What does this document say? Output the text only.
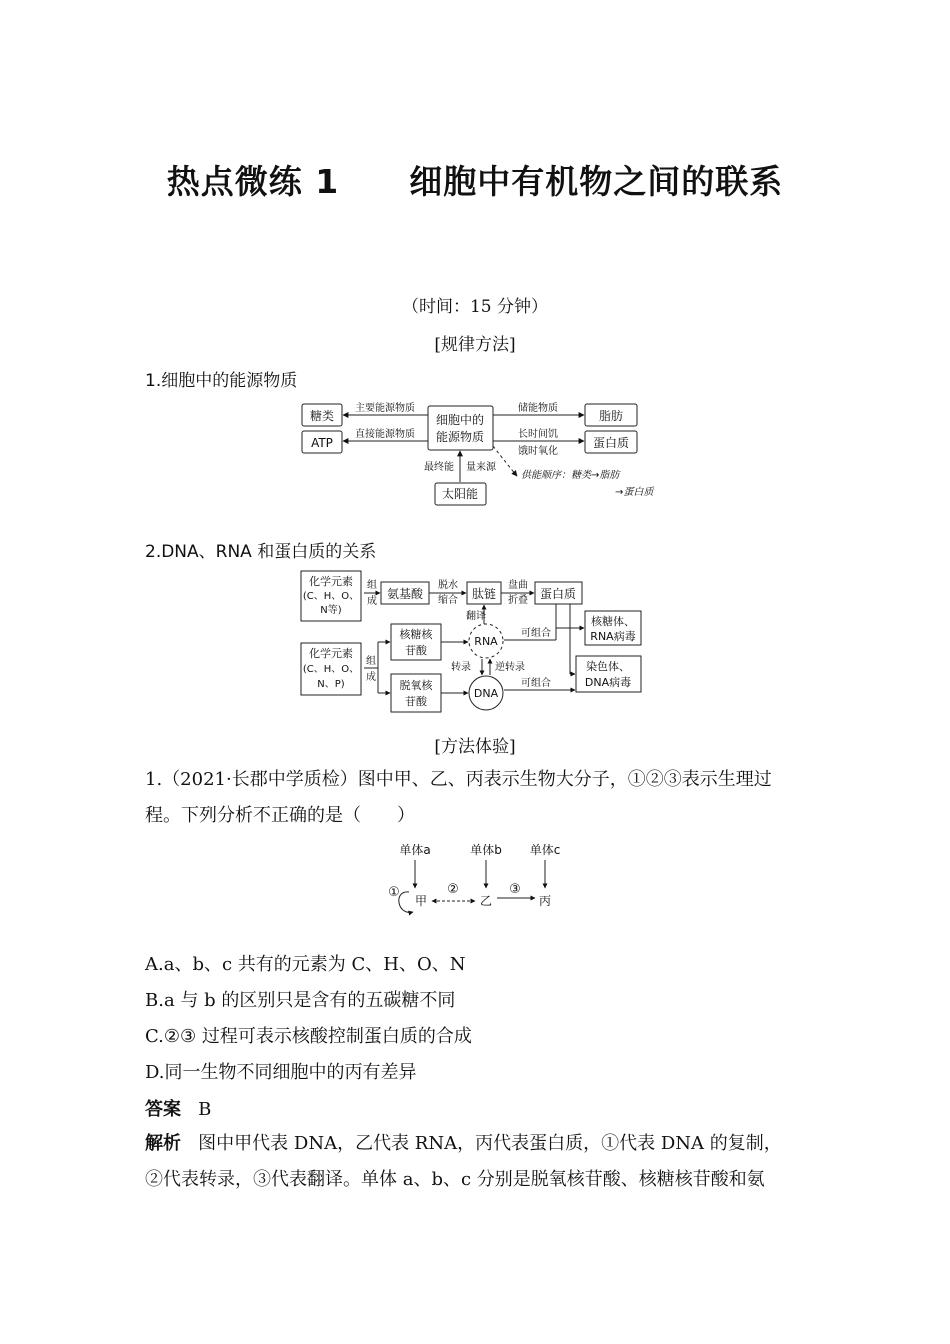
热点微练 1 细胞中有机物之间的联系
（时间：15 分钟）
[规律方法]
1.细胞中的能源物质
糖类
ATP
细胞中的
能源物质
脂肪
蛋白质
太阳能
主要能源物质
直接能源物质
储能物质
长时间饥
饿时氧化
最终能 量来源
供能顺序：糖类→脂肪
→蛋白质
2.DNA、RNA 和蛋白质的关系
化学元素
(C、H、O、
N等)
化学元素
(C、H、O、
N、P)
组
成
组
成
氨基酸
脱水
缩合 肽链
盘曲
折叠 蛋白质
翻译
RNA
DNA
核糖核
苷酸
脱氧核
苷酸
转录 逆转录
可组合
可组合
核糖体、
RNA病毒
染色体、
DNA病毒
[方法体验]
1.（2021·长郡中学质检）图中甲、乙、丙表示生物大分子，①②③表示生理过
程。下列分析不正确的是（　　）
单体a	单体b 单体c
甲	乙	丙
①	②	③
A.a、b、c 共有的元素为 C、H、O、N
B.a 与 b 的区别只是含有的五碳糖不同
C.②③ 过程可表示核酸控制蛋白质的合成
D.同一生物不同细胞中的丙有差异
答案 B
解析 图中甲代表 DNA，乙代表 RNA，丙代表蛋白质，①代表 DNA 的复制，
②代表转录，③代表翻译。单体 a、b、c 分别是脱氧核苷酸、核糖核苷酸和氨
